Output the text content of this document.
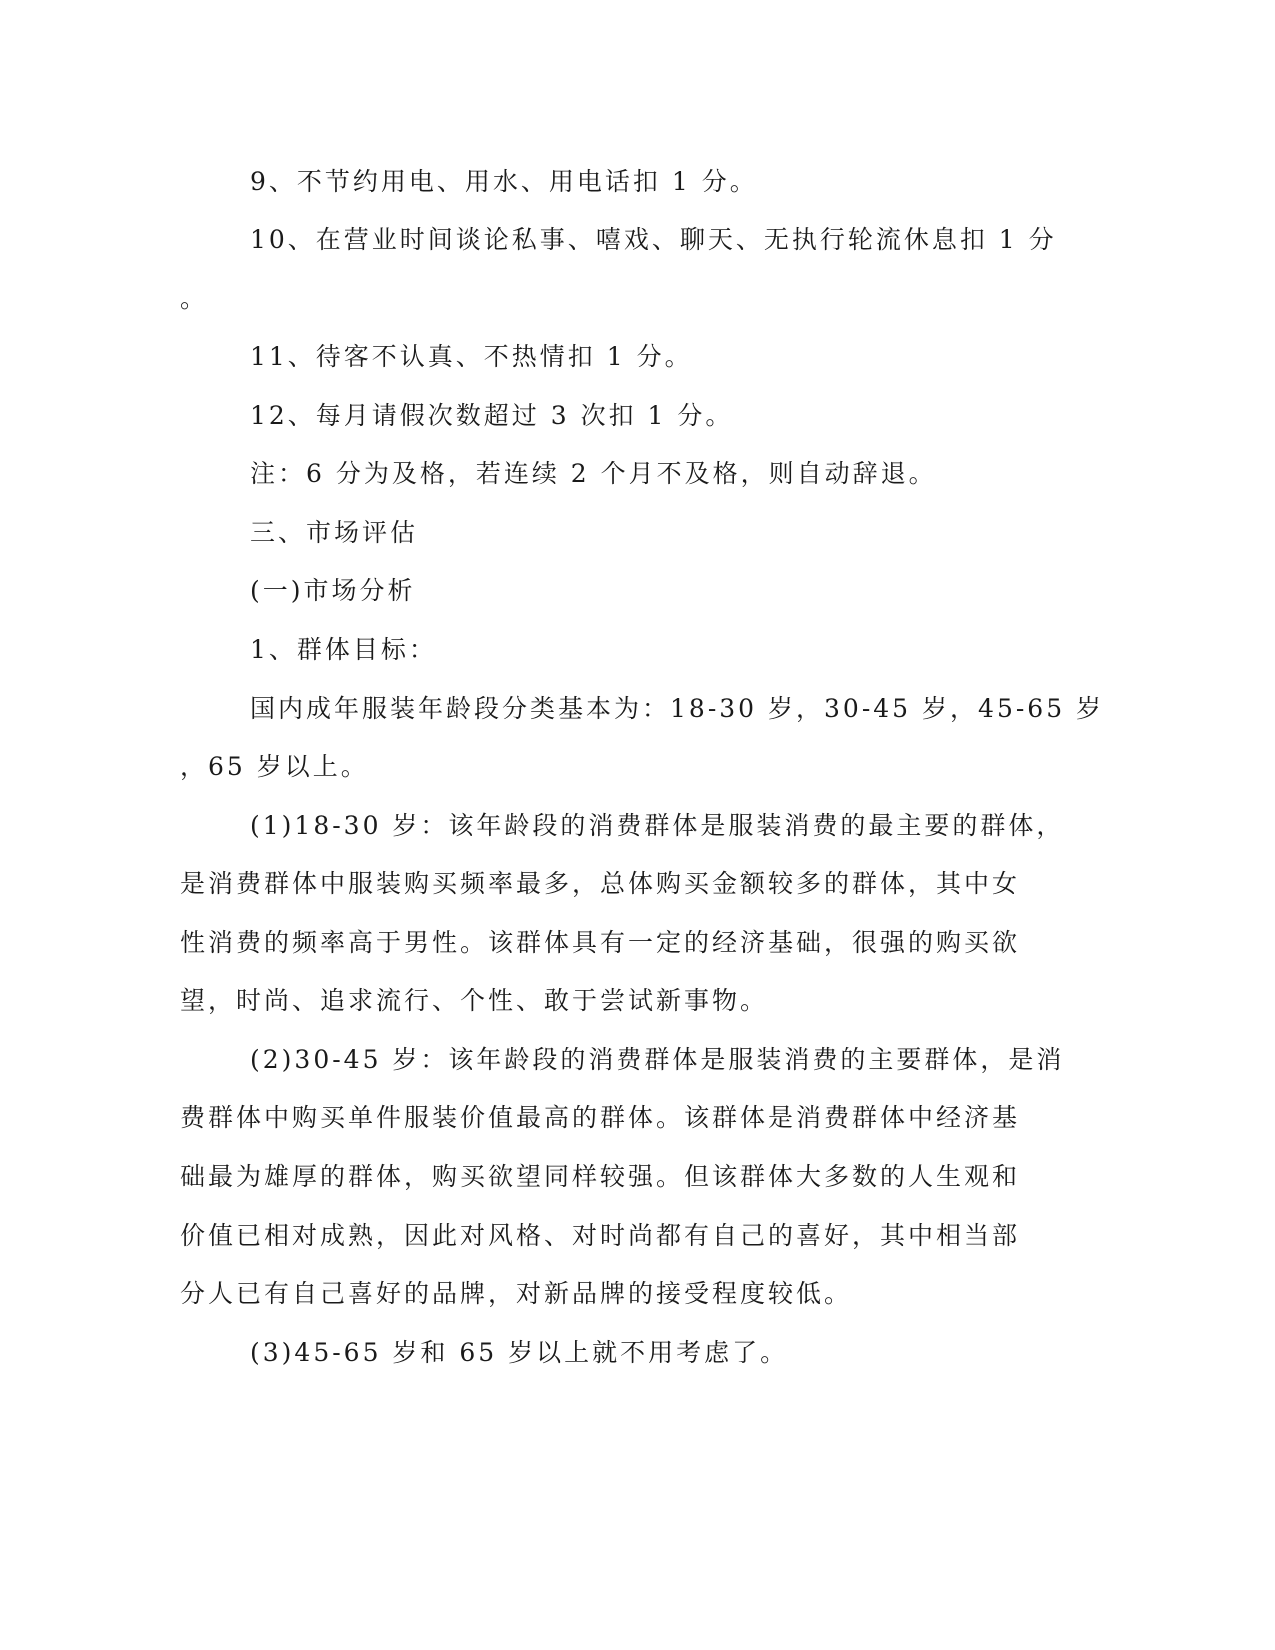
9、不节约用电、用水、用电话扣 1 分。

10、在营业时间谈论私事、嘻戏、聊天、无执行轮流休息扣 1 分

。

11、待客不认真、不热情扣 1 分。

12、每月请假次数超过 3 次扣 1 分。

注：6 分为及格，若连续 2 个月不及格，则自动辞退。

三、市场评估

(一)市场分析

1、群体目标：

国内成年服装年龄段分类基本为：18-30 岁，30-45 岁，45-65 岁

，65 岁以上。

(1)18-30 岁：该年龄段的消费群体是服装消费的最主要的群体，

是消费群体中服装购买频率最多，总体购买金额较多的群体，其中女

性消费的频率高于男性。该群体具有一定的经济基础，很强的购买欲

望，时尚、追求流行、个性、敢于尝试新事物。

(2)30-45 岁：该年龄段的消费群体是服装消费的主要群体，是消

费群体中购买单件服装价值最高的群体。该群体是消费群体中经济基

础最为雄厚的群体，购买欲望同样较强。但该群体大多数的人生观和

价值已相对成熟，因此对风格、对时尚都有自己的喜好，其中相当部

分人已有自己喜好的品牌，对新品牌的接受程度较低。

(3)45-65 岁和 65 岁以上就不用考虑了。
